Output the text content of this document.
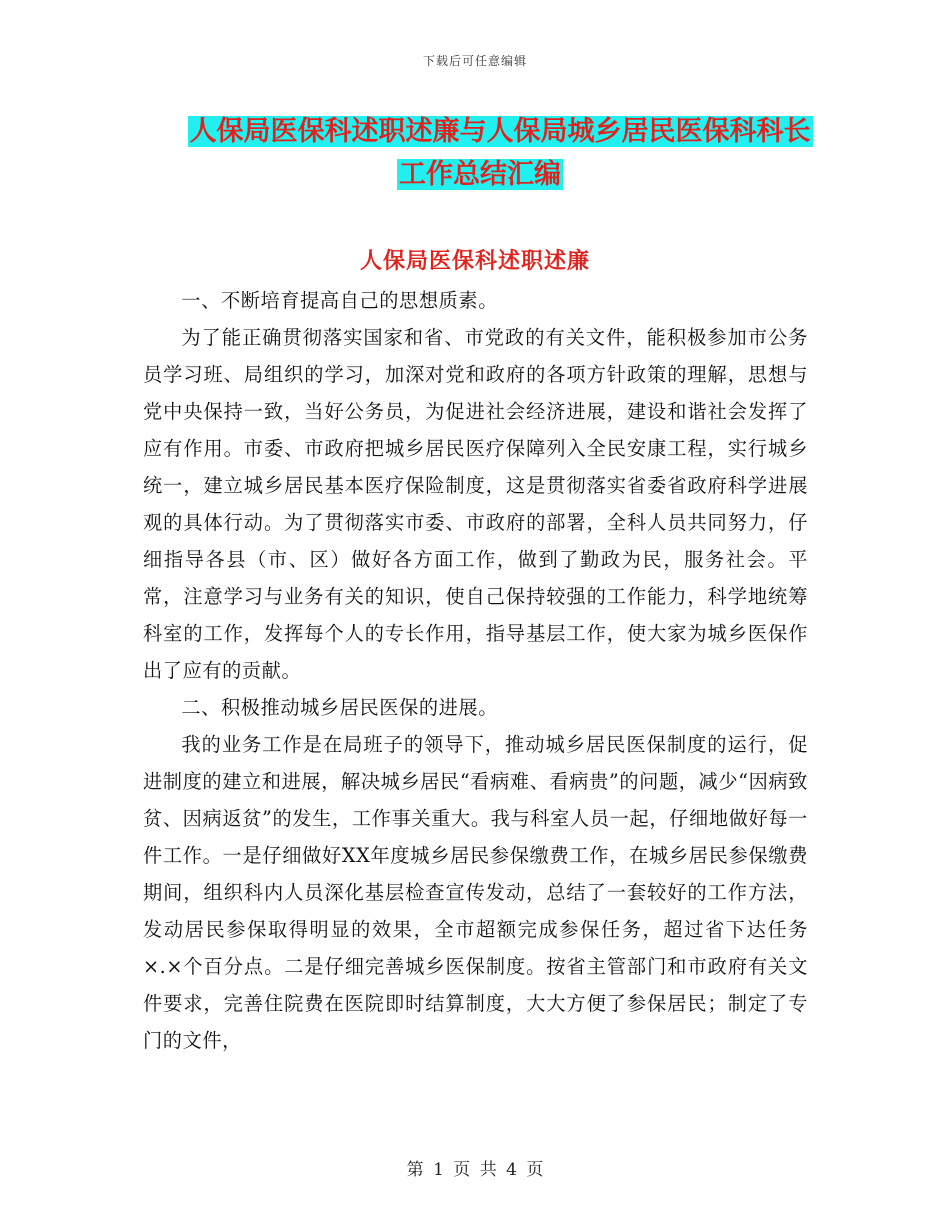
下载后可任意编辑
人保局医保科述职述廉与人保局城乡居民医保科科长
工作总结汇编
人保局医保科述职述廉

一、不断培育提高自己的思想质素。

为了能正确贯彻落实国家和省、市党政的有关文件，能积极参加市公务员学习班、局组织的学习，加深对党和政府的各项方针政策的理解，思想与党中央保持一致，当好公务员，为促进社会经济进展，建设和谐社会发挥了应有作用。市委、市政府把城乡居民医疗保障列入全民安康工程，实行城乡统一，建立城乡居民基本医疗保险制度，这是贯彻落实省委省政府科学进展观的具体行动。为了贯彻落实市委、市政府的部署，全科人员共同努力，仔细指导各县（市、区）做好各方面工作，做到了勤政为民，服务社会。平常，注意学习与业务有关的知识，使自己保持较强的工作能力，科学地统筹科室的工作，发挥每个人的专长作用，指导基层工作，使大家为城乡医保作出了应有的贡献。

二、积极推动城乡居民医保的进展。

我的业务工作是在局班子的领导下，推动城乡居民医保制度的运行，促进制度的建立和进展，解决城乡居民“看病难、看病贵”的问题，减少“因病致贫、因病返贫”的发生，工作事关重大。我与科室人员一起，仔细地做好每一件工作。一是仔细做好XX年度城乡居民参保缴费工作，在城乡居民参保缴费期间，组织科内人员深化基层检查宣传发动，总结了一套较好的工作方法，发动居民参保取得明显的效果，全市超额完成参保任务，超过省下达任务×.×个百分点。二是仔细完善城乡医保制度。按省主管部门和市政府有关文件要求，完善住院费在医院即时结算制度，大大方便了参保居民；制定了专门的文件，

第 1 页 共 4 页
